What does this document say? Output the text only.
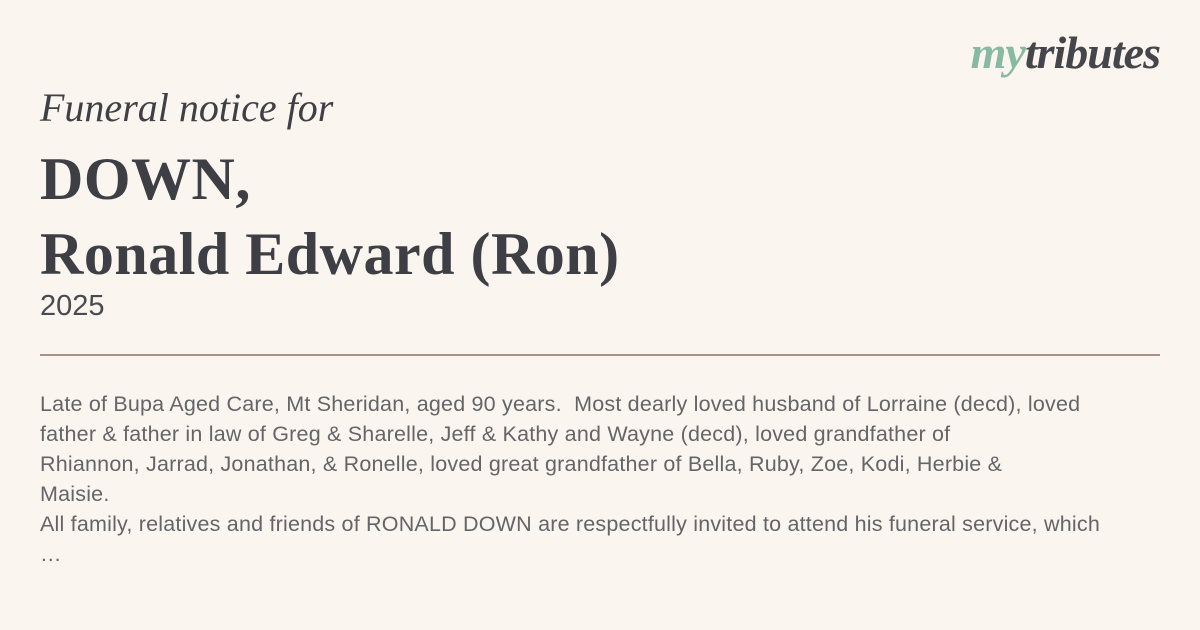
mytributes
Funeral notice for
DOWN,
Ronald Edward (Ron)
2025
Late of Bupa Aged Care, Mt Sheridan, aged 90 years.  Most dearly loved husband of Lorraine (decd), loved
father & father in law of Greg & Sharelle, Jeff & Kathy and Wayne (decd), loved grandfather of
Rhiannon, Jarrad, Jonathan, & Ronelle, loved great grandfather of Bella, Ruby, Zoe, Kodi, Herbie &
Maisie.
All family, relatives and friends of RONALD DOWN are respectfully invited to attend his funeral service, which
…
